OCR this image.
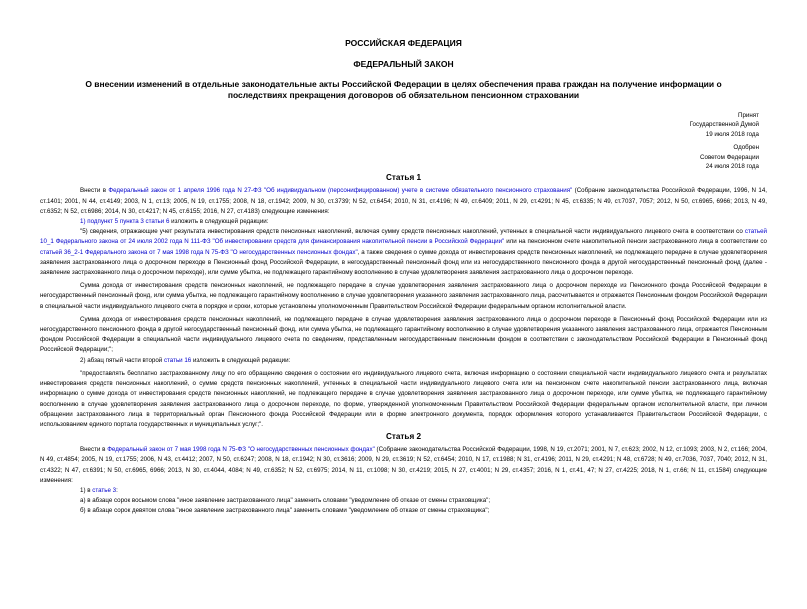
РОССИЙСКАЯ ФЕДЕРАЦИЯ
ФЕДЕРАЛЬНЫЙ ЗАКОН
О внесении изменений в отдельные законодательные акты Российской Федерации в целях обеспечения права граждан на получение информации о последствиях прекращения договоров об обязательном пенсионном страховании
Принят
Государственной Думой
19 июля 2018 года
Одобрен
Советом Федерации
24 июля 2018 года
Статья 1

Внести в Федеральный закон от 1 апреля 1996 года N 27-ФЗ "Об индивидуальном (персонифицированном) учете в системе обязательного пенсионного страхования" (Собрание законодательства Российской Федерации, 1996, N 14, ст.1401; 2001, N 44, ст.4149; 2003, N 1, ст.13; 2005, N 19, ст.1755; 2008, N 18, ст.1942; 2009, N 30, ст.3739; N 52, ст.6454; 2010, N 31, ст.4196; N 49, ст.6409; 2011, N 29, ст.4291; N 45, ст.6335; N 49, ст.7037, 7057; 2012, N 50, ст.6965, 6966; 2013, N 49, ст.6352; N 52, ст.6986; 2014, N 30, ст.4217; N 45, ст.6155; 2016, N 27, ст.4183) следующие изменения:

1) подпункт 5 пункта 3 статьи 6 изложить в следующей редакции:

"5) сведения, отражающие учет результата инвестирования средств пенсионных накоплений, включая сумму средств пенсионных накоплений, учтенных в специальной части индивидуального лицевого счета в соответствии со статьей 10_1 Федерального закона от 24 июля 2002 года N 111-ФЗ "Об инвестировании средств для финансирования накопительной пенсии в Российской Федерации" или на пенсионном счете накопительной пенсии застрахованного лица в соответствии со статьей 36_2-1 Федерального закона от 7 мая 1998 года N 75-ФЗ "О негосударственных пенсионных фондах", а также сведения о сумме дохода от инвестирования средств пенсионных накоплений, не подлежащего передаче в случае удовлетворения заявления застрахованного лица о досрочном переходе в Пенсионный фонд Российской Федерации, в негосударственный пенсионный фонд или из негосударственного пенсионного фонда в другой негосударственный пенсионный фонд (далее - заявление застрахованного лица о досрочном переходе), или сумме убытка, не подлежащего гарантийному восполнению в случае удовлетворения заявления застрахованного лица о досрочном переходе.

Сумма дохода от инвестирования средств пенсионных накоплений, не подлежащего передаче в случае удовлетворения заявления застрахованного лица о досрочном переходе из Пенсионного фонда Российской Федерации в негосударственный пенсионный фонд, или сумма убытка, не подлежащего гарантийному восполнению в случае удовлетворения указанного заявления застрахованного лица, рассчитывается и отражается Пенсионным фондом Российской Федерации в специальной части индивидуального лицевого счета в порядке и сроки, которые установлены уполномоченным Правительством Российской Федерации федеральным органом исполнительной власти.

Сумма дохода от инвестирования средств пенсионных накоплений, не подлежащего передаче в случае удовлетворения заявления застрахованного лица о досрочном переходе в Пенсионный фонд Российской Федерации или из негосударственного пенсионного фонда в другой негосударственный пенсионный фонд, или сумма убытка, не подлежащего гарантийному восполнению в случае удовлетворения указанного заявления застрахованного лица, отражается Пенсионным фондом Российской Федерации в специальной части индивидуального лицевого счета по сведениям, представленным негосударственным пенсионным фондом в соответствии с законодательством Российской Федерации в Пенсионный фонд Российской Федерации;";

2) абзац пятый части второй статьи 16 изложить в следующей редакции:

"предоставлять бесплатно застрахованному лицу по его обращению сведения о состоянии его индивидуального лицевого счета, включая информацию о состоянии специальной части индивидуального лицевого счета и результатах инвестирования средств пенсионных накоплений, о сумме средств пенсионных накоплений, учтенных в специальной части индивидуального лицевого счета или на пенсионном счете накопительной пенсии застрахованного лица, включая информацию о сумме дохода от инвестирования средств пенсионных накоплений, не подлежащего передаче в случае удовлетворения заявления застрахованного лица о досрочном переходе, или сумме убытка, не подлежащего гарантийному восполнению в случае удовлетворения заявления застрахованного лица о досрочном переходе, по форме, утвержденной уполномоченным Правительством Российской Федерации федеральным органом исполнительной власти, при личном обращении застрахованного лица в территориальный орган Пенсионного фонда Российской Федерации или в форме электронного документа, порядок оформления которого устанавливается Правительством Российской Федерации, с использованием единого портала государственных и муниципальных услуг;".

Статья 2

Внести в Федеральный закон от 7 мая 1998 года N 75-ФЗ "О негосударственных пенсионных фондах" (Собрание законодательства Российской Федерации, 1998, N 19, ст.2071; 2001, N 7, ст.623; 2002, N 12, ст.1093; 2003, N 2, ст.166; 2004, N 49, ст.4854; 2005, N 19, ст.1755; 2006, N 43, ст.4412; 2007, N 50, ст.6247; 2008, N 18, ст.1942; N 30, ст.3616; 2009, N 29, ст.3619; N 52, ст.6454; 2010, N 17, ст.1988; N 31, ст.4196; 2011, N 29, ст.4291; N 48, ст.6728; N 49, ст.7036, 7037, 7040; 2012, N 31, ст.4322; N 47, ст.6391; N 50, ст.6965, 6966; 2013, N 30, ст.4044, 4084; N 49, ст.6352; N 52, ст.6975; 2014, N 11, ст.1098; N 30, ст.4219; 2015, N 27, ст.4001; N 29, ст.4357; 2016, N 1, ст.41, 47; N 27, ст.4225; 2018, N 1, ст.66; N 11, ст.1584) следующие изменения:

1) в статье 3:

а) в абзаце сорок восьмом слова "иное заявление застрахованного лица" заменить словами "уведомление об отказе от смены страховщика";

б) в абзаце сорок девятом слова "иное заявление застрахованного лица" заменить словами "уведомление об отказе от смены страховщика";
